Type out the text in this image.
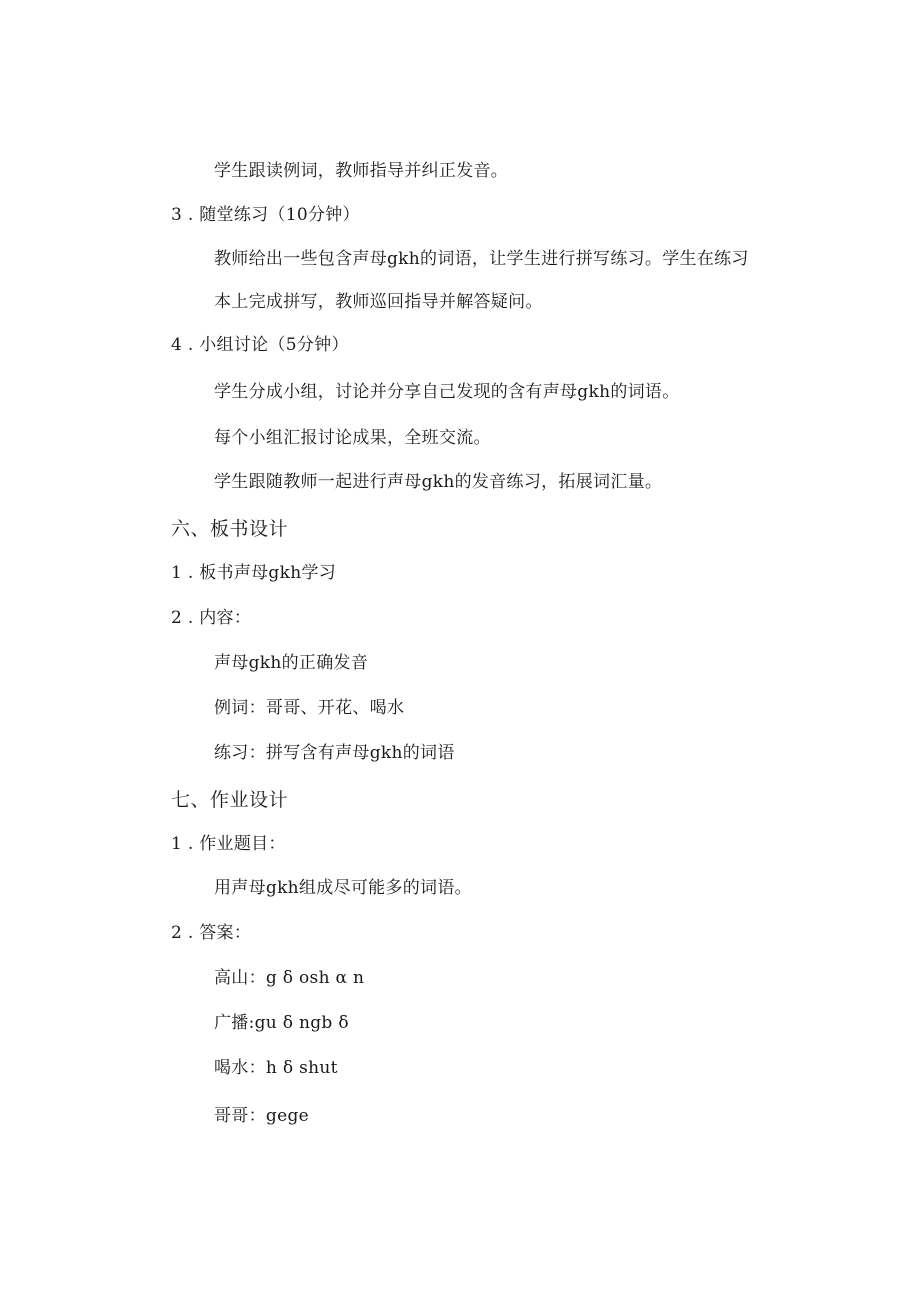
学生跟读例词，教师指导并纠正发音。
3 . 随堂练习（10分钟）
教师给出一些包含声母gkh的词语，让学生进行拼写练习。学生在练习
本上完成拼写，教师巡回指导并解答疑问。
4 . 小组讨论（5分钟）
学生分成小组，讨论并分享自己发现的含有声母gkh的词语。
每个小组汇报讨论成果，全班交流。
学生跟随教师一起进行声母gkh的发音练习，拓展词汇量。
六、板书设计
1 . 板书声母gkh学习
2 . 内容：
声母gkh的正确发音
例词：哥哥、开花、喝水
练习：拼写含有声母gkh的词语
七、作业设计
1 . 作业题目：
用声母gkh组成尽可能多的词语。
2 . 答案：
高山：g δ osh α n
广播:gu δ ngb δ
喝水：h δ shut
哥哥：gege
